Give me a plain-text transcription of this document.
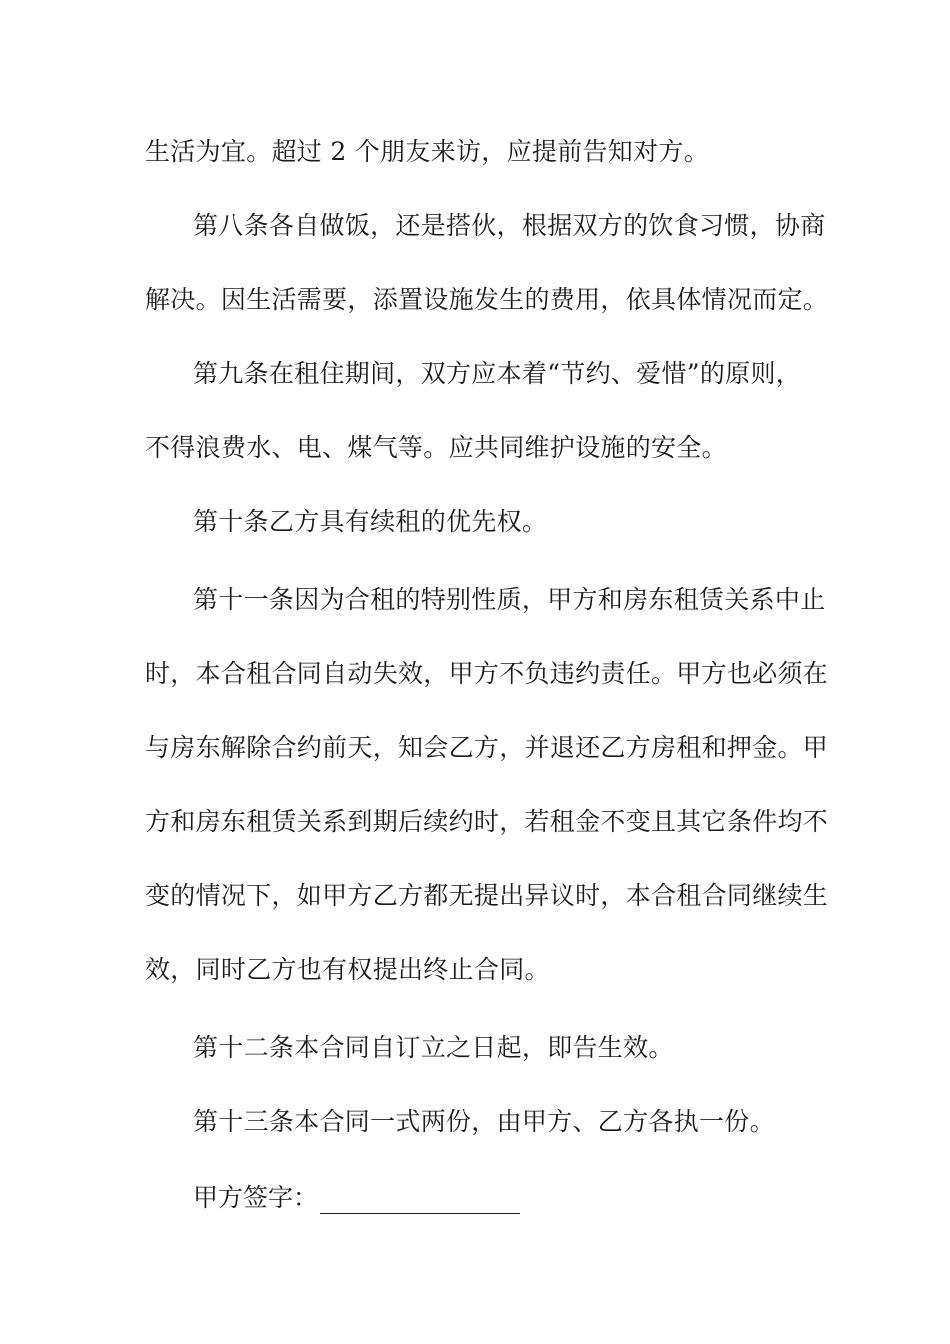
生活为宜。超过 2 个朋友来访，应提前告知对方。
第八条各自做饭，还是搭伙，根据双方的饮食习惯，协商
解决。因生活需要，添置设施发生的费用，依具体情况而定。
第九条在租住期间，双方应本着“节约、爱惜”的原则，
不得浪费水、电、煤气等。应共同维护设施的安全。
第十条乙方具有续租的优先权。
第十一条因为合租的特别性质，甲方和房东租赁关系中止
时，本合租合同自动失效，甲方不负违约责任。甲方也必须在
与房东解除合约前天，知会乙方，并退还乙方房租和押金。甲
方和房东租赁关系到期后续约时，若租金不变且其它条件均不
变的情况下，如甲方乙方都无提出异议时，本合租合同继续生
效，同时乙方也有权提出终止合同。
第十二条本合同自订立之日起，即告生效。
第十三条本合同一式两份，由甲方、乙方各执一份。
甲方签字：
